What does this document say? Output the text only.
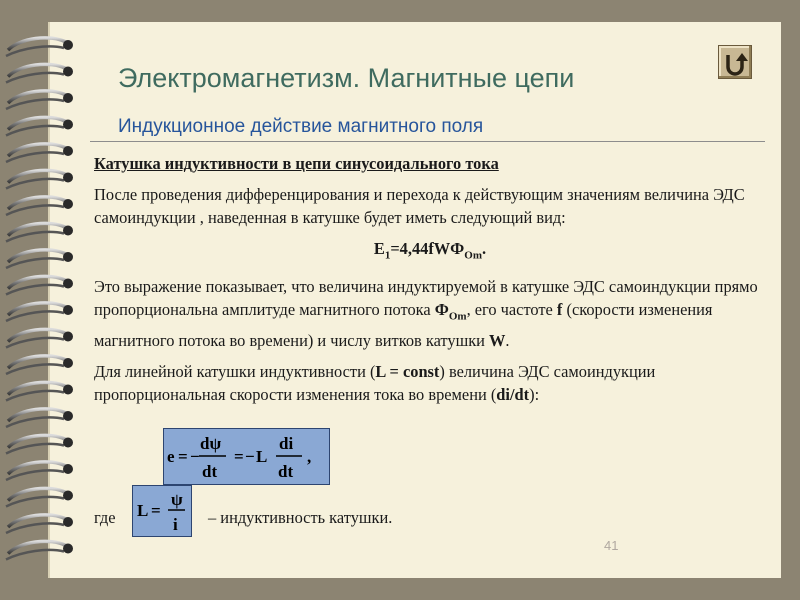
Электромагнетизм. Магнитные цепи
Индукционное действие магнитного поля

Катушка индуктивности в цепи синусоидального тока

После проведения дифференцирования и перехода к действующим значениям величина ЭДС самоиндукции , наведенная в катушке будет иметь следующий вид:

$E_1=4,44fWФ_{Om}$.

Это выражение показывает, что величина индуктируемой в катушке ЭДС самоиндукции прямо пропорциональна амплитуде магнитного потока $Ф_{Om}$, его частоте f (скорости изменения магнитного потока во времени) и числу витков катушки W.

Для линейной катушки индуктивности (L = const) величина ЭДС самоиндукции пропорциональная скорости изменения тока во времени (di/dt):

e = −
dψ
dt
= − L
di
dt
,
где L =
ψ
i – индуктивность катушки.
41
